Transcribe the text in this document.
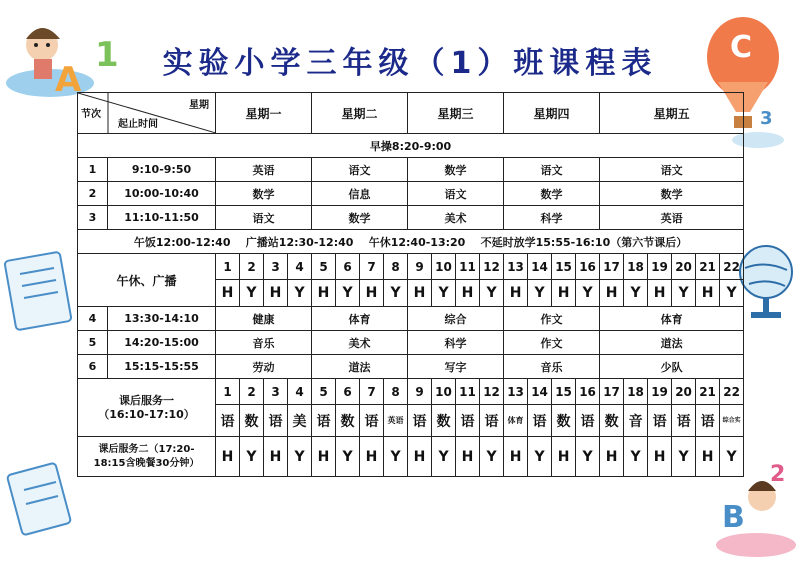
A
1	C
3
B
2
实验小学三年级（1）班课程表
星期
节次
起止时间		星期一				星期二				星期三				星期四				星期五					
早操8:20-9:00																							
1	9:10-9:50	英语				语文				数学				语文				语文					
2	10:00-10:40	数学				信息				语文				数学				数学					
3	11:10-11:50	语文				数学				美术				科学				英语					
午饭12:00-12:40    广播站12:30-12:40    午休12:40-13:20    不延时放学15:55-16:10（第六节课后）																							
午休、广播		1	2	3	4	5	6	7	8	9	10	11	12	13	14	15	16	17	18	19	20	21	22
		H	Y	H	Y	H	Y	H	Y	H	Y	H	Y	H	Y	H	Y	H	Y	H	Y	H	Y
4	13:30-14:10	健康				体育				综合				作文				体育					
5	14:20-15:00	音乐				美术				科学				作文				道法					
6	15:15-15:55	劳动				道法				写字				音乐				少队					

课后服务一
（16:10-17:10）		1	2	3	4	5	6	7	8	9	10	11	12	13	14	15	16	17	18	19	20	21	22
		语	数	语	美	语	数	语	英语	语	数	语	语	体育	语	数	语	数	音	语	语	语	综合实

课后服务二（17:20-
18:15含晚餐30分钟）		H	Y	H	Y	H	Y	H	Y	H	Y	H	Y	H	Y	H	Y	H	Y	H	Y	H	Y
